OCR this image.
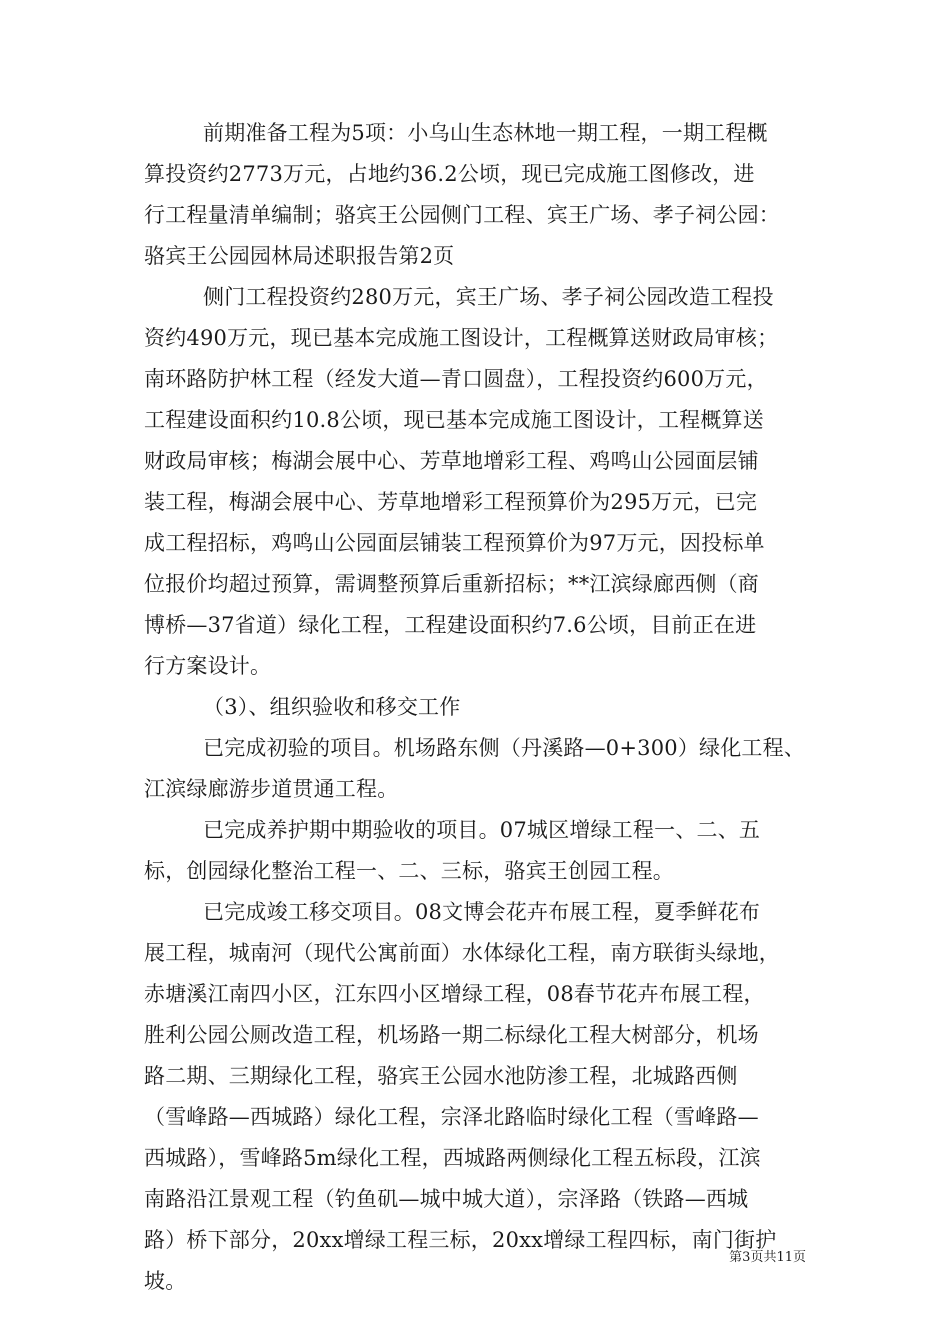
前期准备工程为5项：小乌山生态林地一期工程，一期工程概
算投资约2773万元，占地约36.2公顷，现已完成施工图修改，进
行工程量清单编制；骆宾王公园侧门工程、宾王广场、孝子祠公园：
骆宾王公园园林局述职报告第2页
侧门工程投资约280万元，宾王广场、孝子祠公园改造工程投
资约490万元，现已基本完成施工图设计，工程概算送财政局审核；
南环路防护林工程（经发大道—青口圆盘），工程投资约600万元，
工程建设面积约10.8公顷，现已基本完成施工图设计，工程概算送
财政局审核；梅湖会展中心、芳草地增彩工程、鸡鸣山公园面层铺
装工程，梅湖会展中心、芳草地增彩工程预算价为295万元，已完
成工程招标，鸡鸣山公园面层铺装工程预算价为97万元，因投标单
位报价均超过预算，需调整预算后重新招标；**江滨绿廊西侧（商
博桥—37省道）绿化工程，工程建设面积约7.6公顷，目前正在进
行方案设计。
（3）、组织验收和移交工作
已完成初验的项目。机场路东侧（丹溪路—0+300）绿化工程、
江滨绿廊游步道贯通工程。
已完成养护期中期验收的项目。07城区增绿工程一、二、五
标，创园绿化整治工程一、二、三标，骆宾王创园工程。
已完成竣工移交项目。08文博会花卉布展工程，夏季鲜花布
展工程，城南河（现代公寓前面）水体绿化工程，南方联街头绿地，
赤塘溪江南四小区，江东四小区增绿工程，08春节花卉布展工程，
胜利公园公厕改造工程，机场路一期二标绿化工程大树部分，机场
路二期、三期绿化工程，骆宾王公园水池防渗工程，北城路西侧
（雪峰路—西城路）绿化工程，宗泽北路临时绿化工程（雪峰路—
西城路），雪峰路5m绿化工程，西城路两侧绿化工程五标段，江滨
南路沿江景观工程（钓鱼矶—城中城大道），宗泽路（铁路—西城
路）桥下部分，20xx增绿工程三标，20xx增绿工程四标，南门街护
坡。
第3页共11页
